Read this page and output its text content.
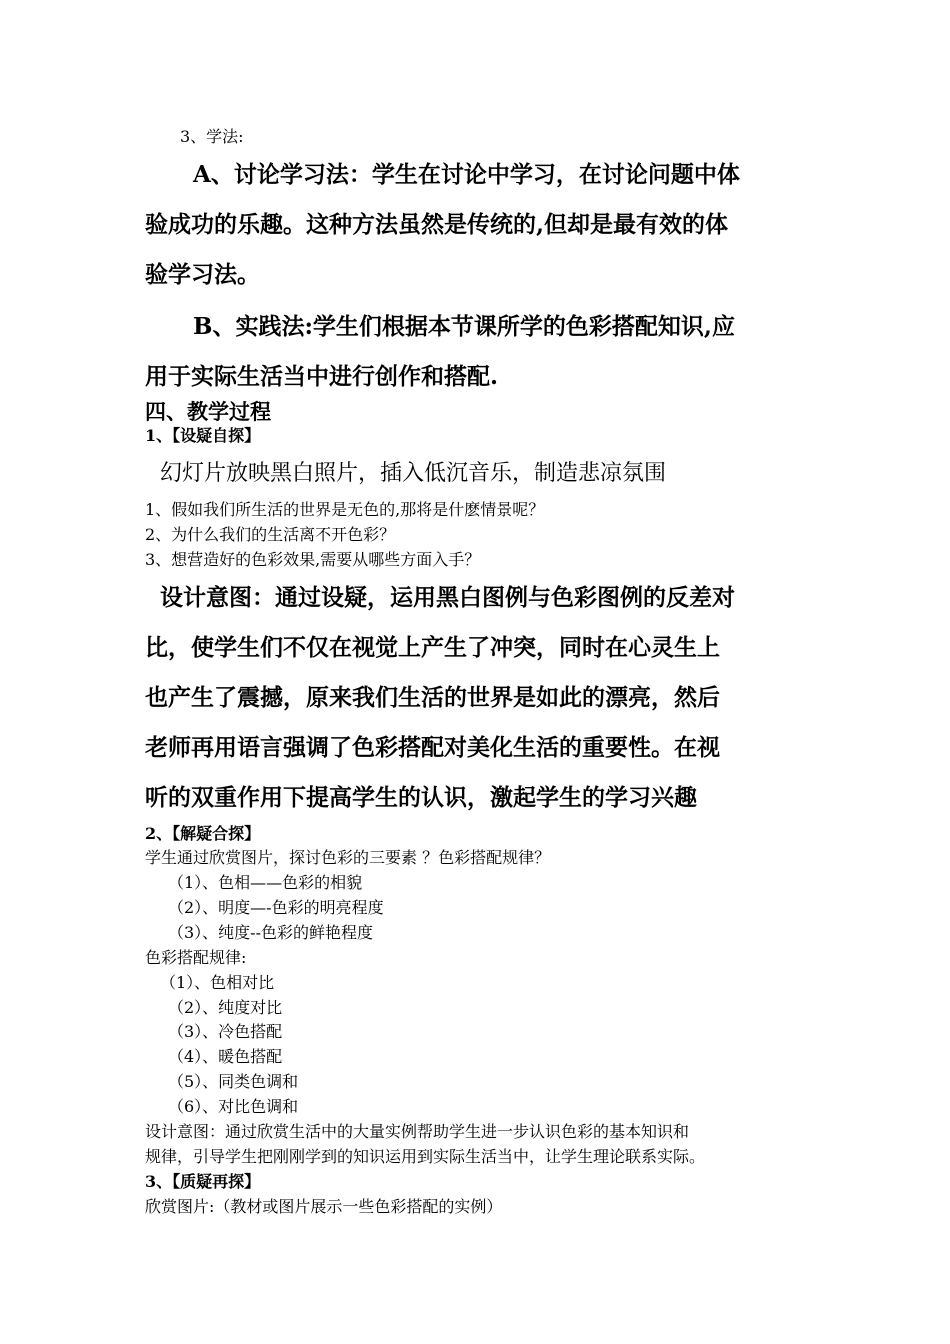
3、学法:
A、讨论学习法：学生在讨论中学习，在讨论问题中体
验成功的乐趣。这种方法虽然是传统的,但却是最有效的体
验学习法。
B、实践法:学生们根据本节课所学的色彩搭配知识,应
用于实际生活当中进行创作和搭配.
四、教学过程
1、【设疑自探】
幻灯片放映黑白照片，插入低沉音乐，制造悲凉氛围
1、假如我们所生活的世界是无色的,那将是什麽情景呢？
2、为什么我们的生活离不开色彩？
3、想营造好的色彩效果,需要从哪些方面入手？
设计意图：通过设疑，运用黑白图例与色彩图例的反差对
比，使学生们不仅在视觉上产生了冲突，同时在心灵生上
也产生了震撼，原来我们生活的世界是如此的漂亮，然后
老师再用语言强调了色彩搭配对美化生活的重要性。在视
听的双重作用下提高学生的认识，激起学生的学习兴趣
2、【解疑合探】
学生通过欣赏图片，探讨色彩的三要素 ？色彩搭配规律？
（1）、色相——色彩的相貌
（2）、明度—-色彩的明亮程度
（3）、纯度--色彩的鲜艳程度
色彩搭配规律:
（1）、色相对比
（2）、纯度对比
（3）、冷色搭配
（4）、暖色搭配
（5）、同类色调和
（6）、对比色调和
设计意图：通过欣赏生活中的大量实例帮助学生进一步认识色彩的基本知识和
规律，引导学生把刚刚学到的知识运用到实际生活当中，让学生理论联系实际。
3、【质疑再探】
欣赏图片:（教材或图片展示一些色彩搭配的实例）
